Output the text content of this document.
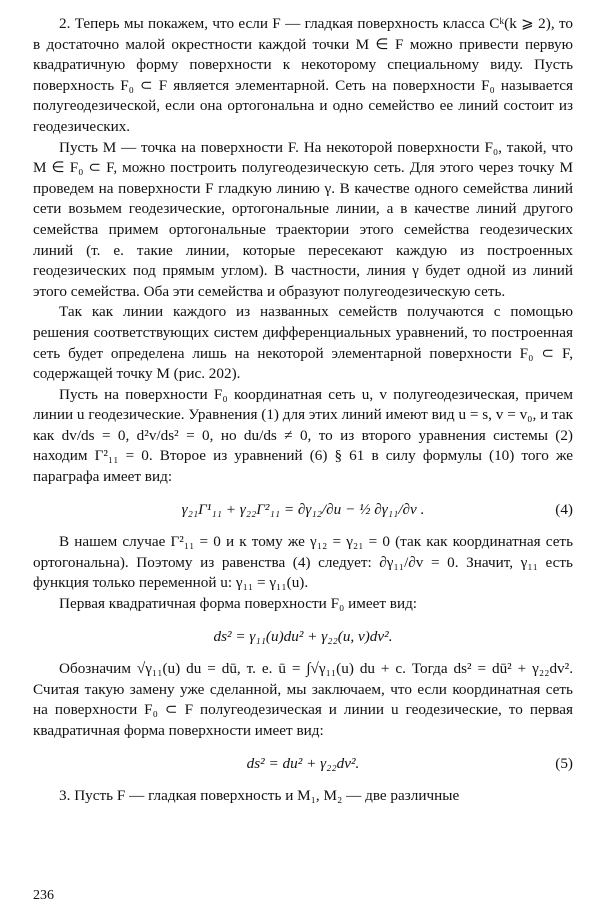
2. Теперь мы покажем, что если F — гладкая поверхность класса Cᵏ(k ⩾ 2), то в достаточно малой окрестности каждой точки M ∈ F можно привести первую квадратичную форму поверхности к некоторому специальному виду. Пусть поверхность F₀ ⊂ F является элементарной. Сеть на поверхности F₀ называется полугеодезической, если она ортогональна и одно семейство ее линий состоит из геодезических.

Пусть M — точка на поверхности F. На некоторой поверхности F₀, такой, что M ∈ F₀ ⊂ F, можно построить полугеодезическую сеть. Для этого через точку M проведем на поверхности F гладкую линию γ. В качестве одного семейства линий сети возьмем геодезические, ортогональные линии, а в качестве линий другого семейства примем ортогональные траектории этого семейства геодезических линий (т. е. такие линии, которые пересекают каждую из построенных геодезических под прямым углом). В частности, линия γ будет одной из линий этого семейства. Оба эти семейства и образуют полугеодезическую сеть.

Так как линии каждого из названных семейств получаются с помощью решения соответствующих систем дифференциальных уравнений, то построенная сеть будет определена лишь на некоторой элементарной поверхности F₀ ⊂ F, содержащей точку M (рис. 202).

Пусть на поверхности F₀ координатная сеть u, v полугеодезическая, причем линии u геодезические. Уравнения (1) для этих линий имеют вид u = s, v = v₀, и так как dv/ds = 0, d²v/ds² = 0, но du/ds ≠ 0, то из второго уравнения системы (2) находим Γ²₁₁ = 0. Второе из уравнений (6) § 61 в силу формулы (10) того же параграфа имеет вид:

γ₂₁Γ¹₁₁ + γ₂₂Γ²₁₁ = ∂γ₁₂/∂u − ½ ∂γ₁₁/∂v .	(4)

В нашем случае Γ²₁₁ = 0 и к тому же γ₁₂ = γ₂₁ = 0 (так как координатная сеть ортогональна). Поэтому из равенства (4) следует: ∂γ₁₁/∂v = 0. Значит, γ₁₁ есть функция только переменной u: γ₁₁ = γ₁₁(u).

Первая квадратичная форма поверхности F₀ имеет вид:

ds² = γ₁₁(u)du² + γ₂₂(u, v)dv².

Обозначим √γ₁₁(u) du = dū, т. е. ū = ∫√γ₁₁(u) du + c. Тогда ds² = dū² + γ₂₂dv². Считая такую замену уже сделанной, мы заключаем, что если координатная сеть на поверхности F₀ ⊂ F полугеодезическая и линии u геодезические, то первая квадратичная форма поверхности имеет вид:

ds² = du² + γ₂₂dv².	(5)

3. Пусть F — гладкая поверхность и M₁, M₂ — две различные

236
